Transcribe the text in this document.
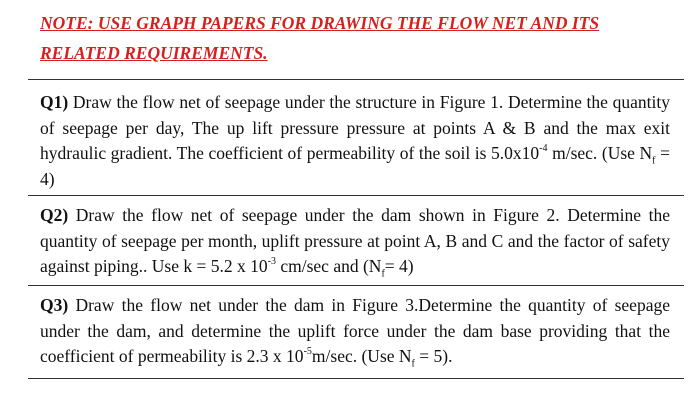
NOTE: USE GRAPH PAPERS FOR DRAWING THE FLOW NET AND ITS
RELATED REQUIREMENTS.
Q1) Draw the flow net of seepage under the structure in Figure 1. Determine the quantity of seepage per day, The up lift pressure pressure at points A & B and the max exit hydraulic gradient. The coefficient of permeability of the soil is $5.0x10^{-4}$ m/sec. (Use $N_f = 4$)
Q2) Draw the flow net of seepage under the dam shown in Figure 2. Determine the quantity of seepage per month, uplift pressure at point A, B and C and the factor of safety against piping.. Use k = 5.2 x $10^{-3}$ cm/sec and $(N_f= 4)$
Q3) Draw the flow net under the dam in Figure 3.Determine the quantity of seepage under the dam, and determine the uplift force under the dam base providing that the coefficient of permeability is 2.3 x $10^{-5}m/\sec$. (Use $N_f = 5$).
